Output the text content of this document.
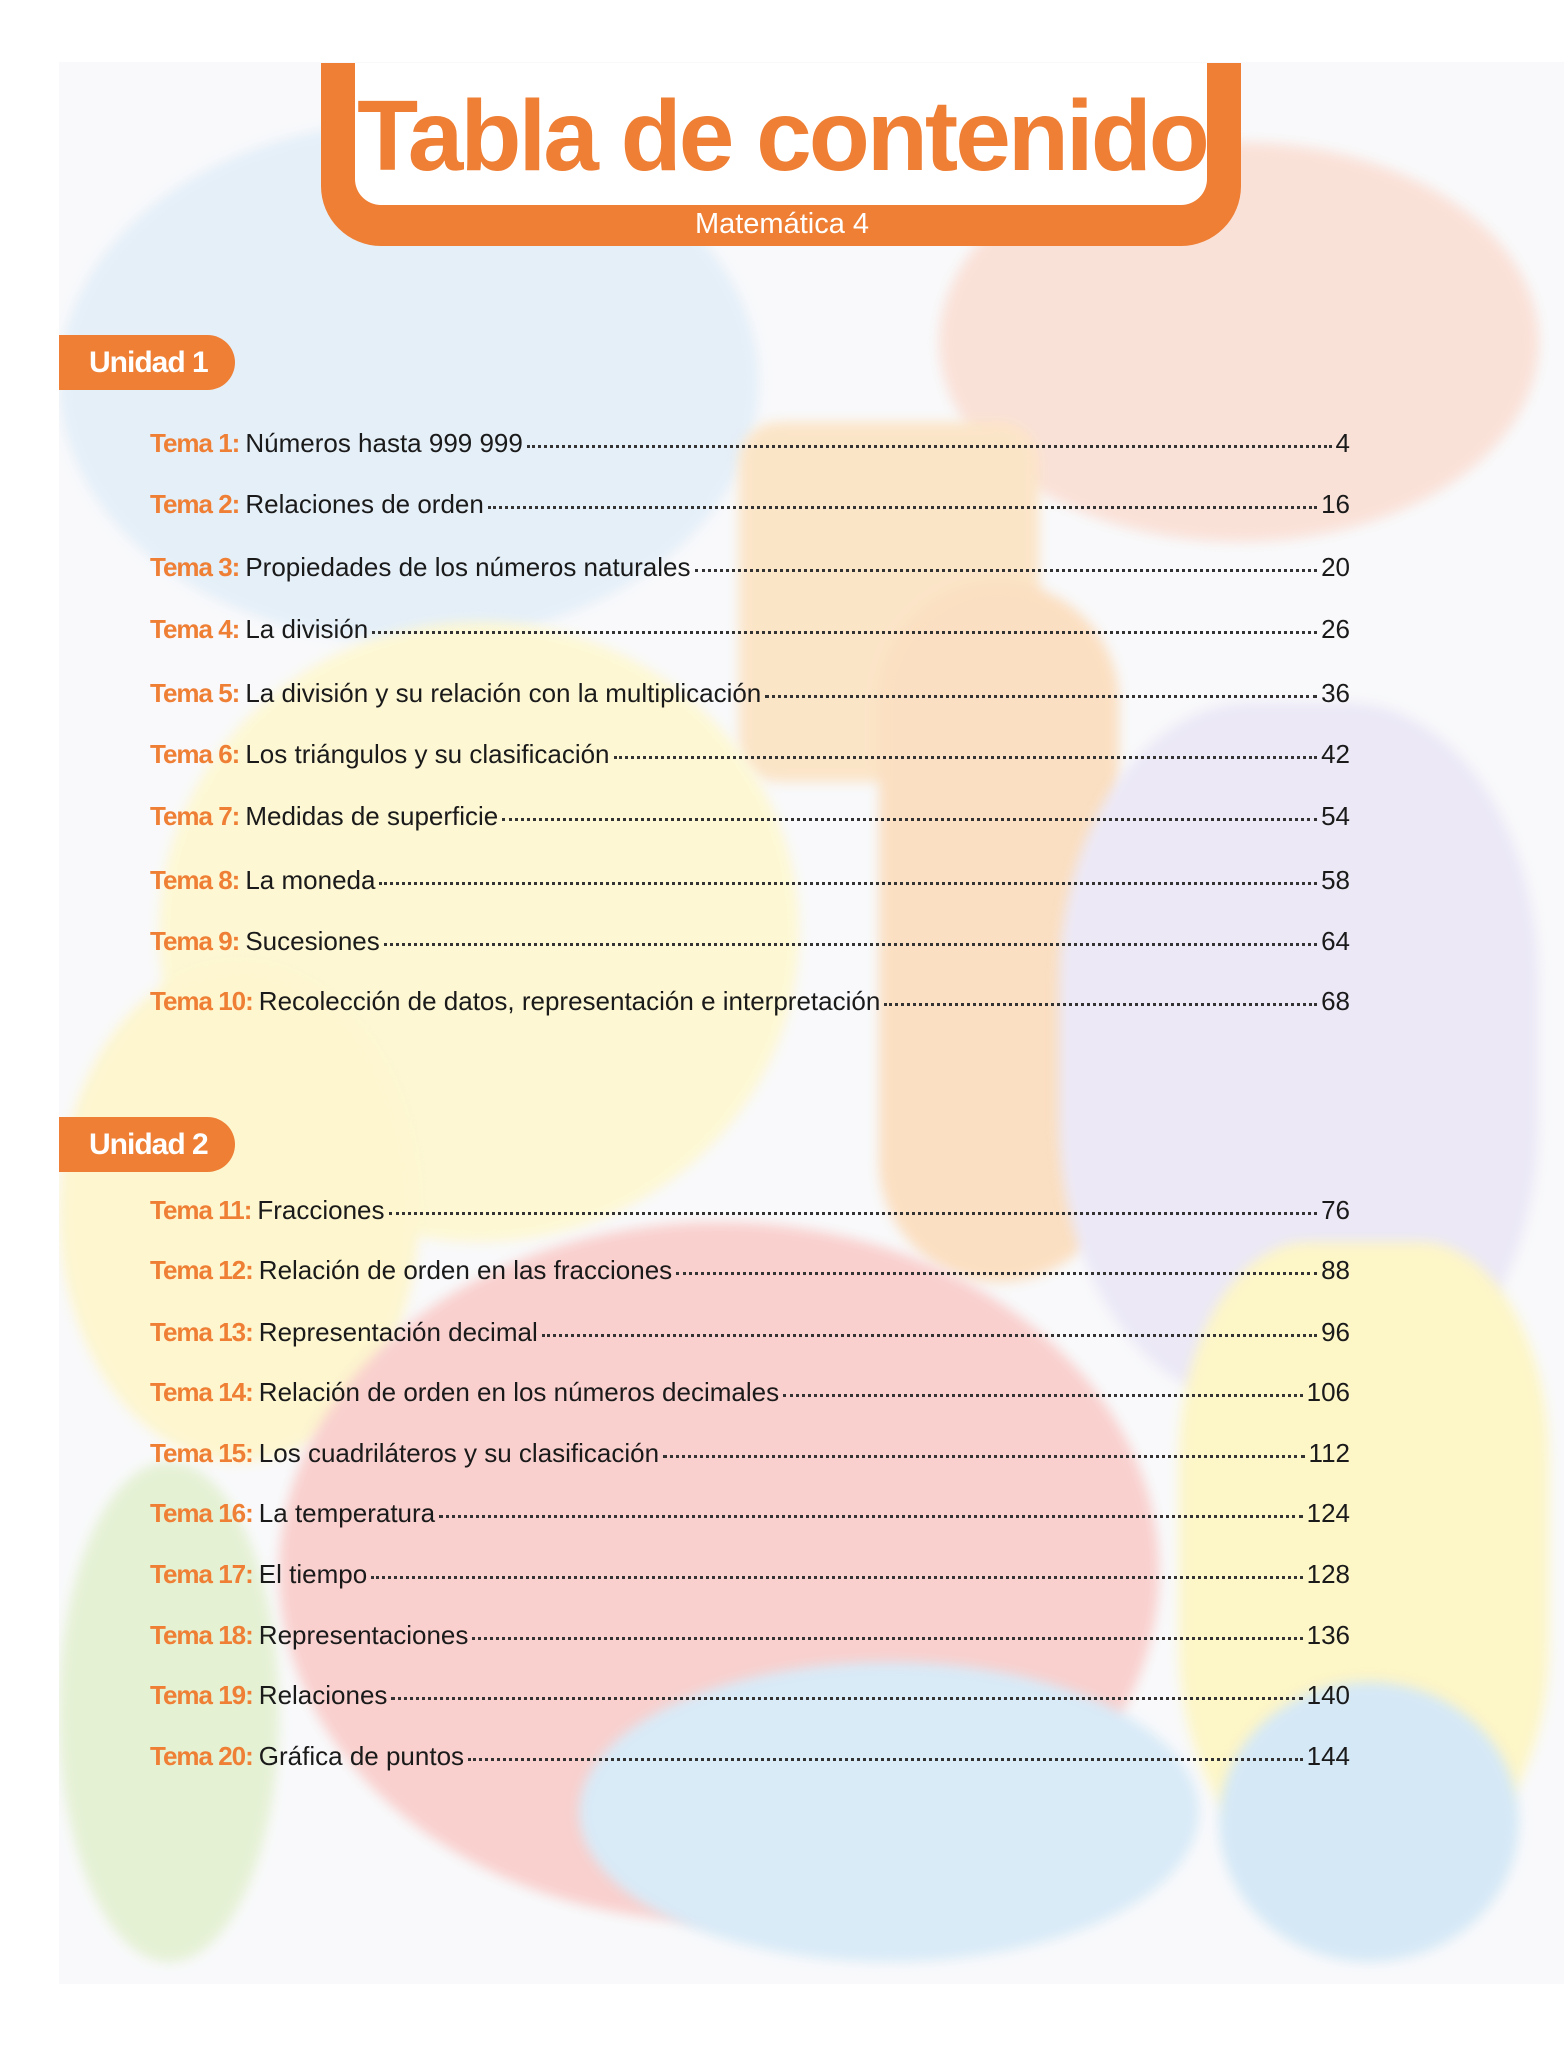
Tabla de contenido
Matemática 4
Unidad 1
Tema 1: Números hasta 999 999	4
Tema 2: Relaciones de orden	16
Tema 3: Propiedades de los números naturales	20
Tema 4: La división	26
Tema 5: La división y su relación con la multiplicación	36
Tema 6: Los triángulos y su clasificación	42
Tema 7: Medidas de superficie	54
Tema 8: La moneda	58
Tema 9: Sucesiones	64
Tema 10: Recolección de datos, representación e interpretación	68
Unidad 2
Tema 11: Fracciones	76
Tema 12: Relación de orden en las fracciones	88
Tema 13: Representación decimal	96
Tema 14: Relación de orden en los números decimales	106
Tema 15: Los cuadriláteros y su clasificación	112
Tema 16: La temperatura	124
Tema 17: El tiempo	128
Tema 18: Representaciones	136
Tema 19: Relaciones	140
Tema 20: Gráfica de puntos	144
